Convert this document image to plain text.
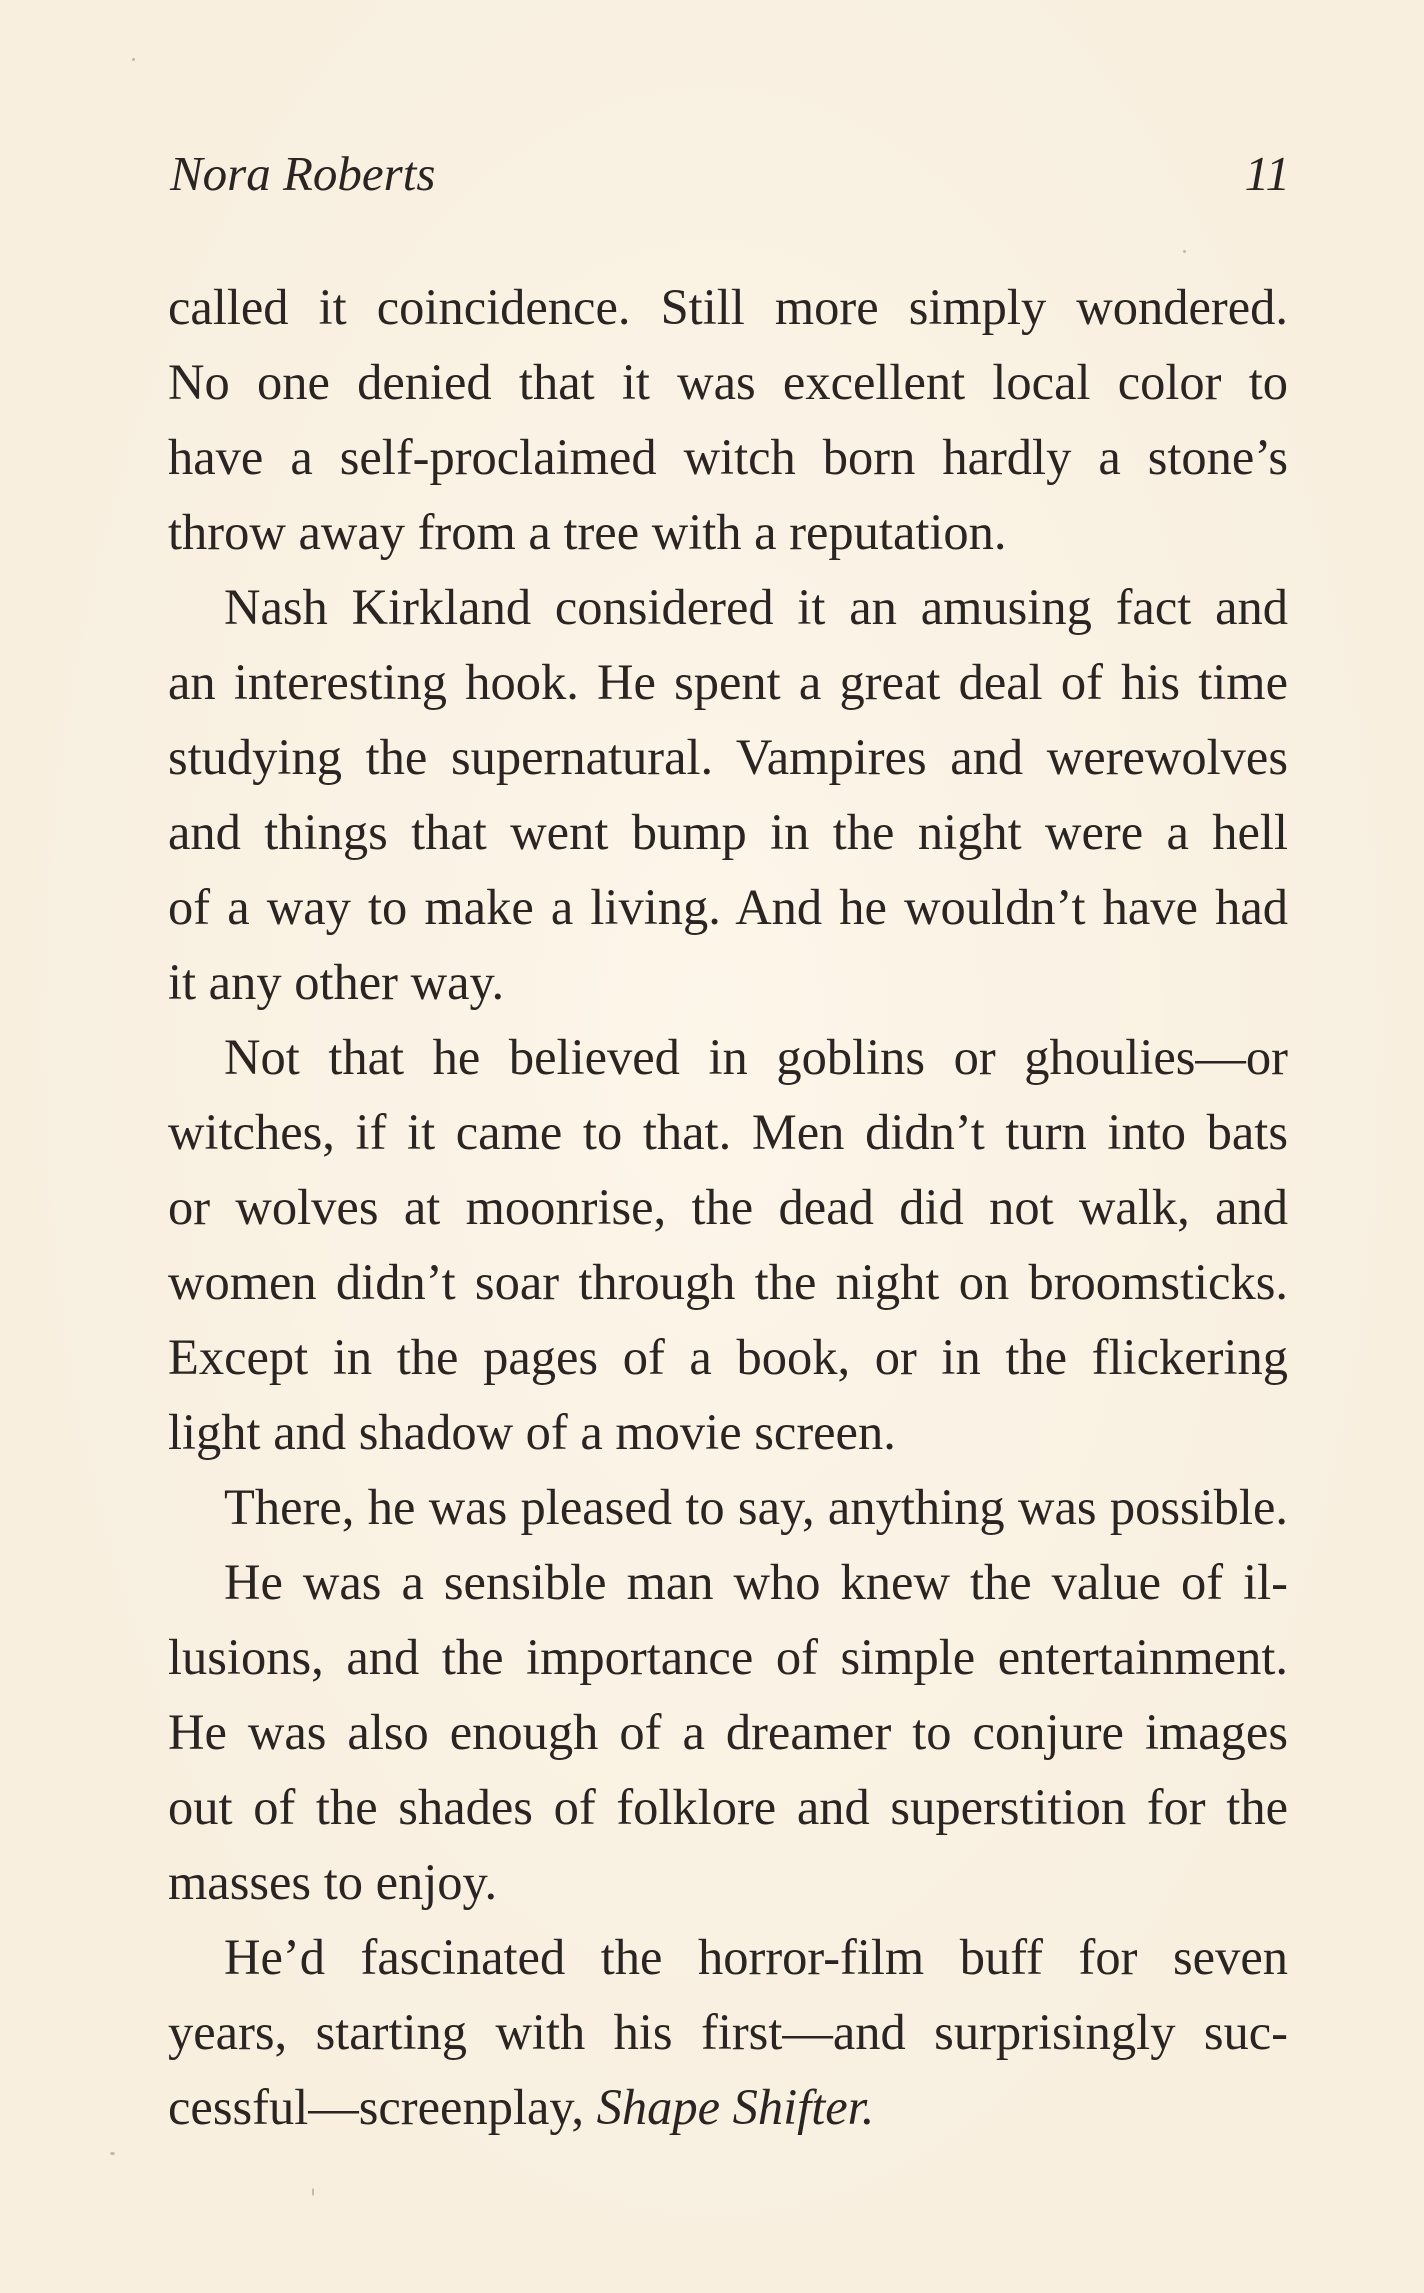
Nora Roberts	11

called it coincidence. Still more simply wondered.
No one denied that it was excellent local color to
have a self-proclaimed witch born hardly a stone’s
throw away from a tree with a reputation.

Nash Kirkland considered it an amusing fact and
an interesting hook. He spent a great deal of his time
studying the supernatural. Vampires and werewolves
and things that went bump in the night were a hell
of a way to make a living. And he wouldn’t have had
it any other way.

Not that he believed in goblins or ghoulies—or
witches, if it came to that. Men didn’t turn into bats
or wolves at moonrise, the dead did not walk, and
women didn’t soar through the night on broomsticks.
Except in the pages of a book, or in the flickering
light and shadow of a movie screen.

There, he was pleased to say, anything was possible.

He was a sensible man who knew the value of il-
lusions, and the importance of simple entertainment.
He was also enough of a dreamer to conjure images
out of the shades of folklore and superstition for the
masses to enjoy.

He’d fascinated the horror-film buff for seven
years, starting with his first—and surprisingly suc-
cessful—screenplay, Shape Shifter.
